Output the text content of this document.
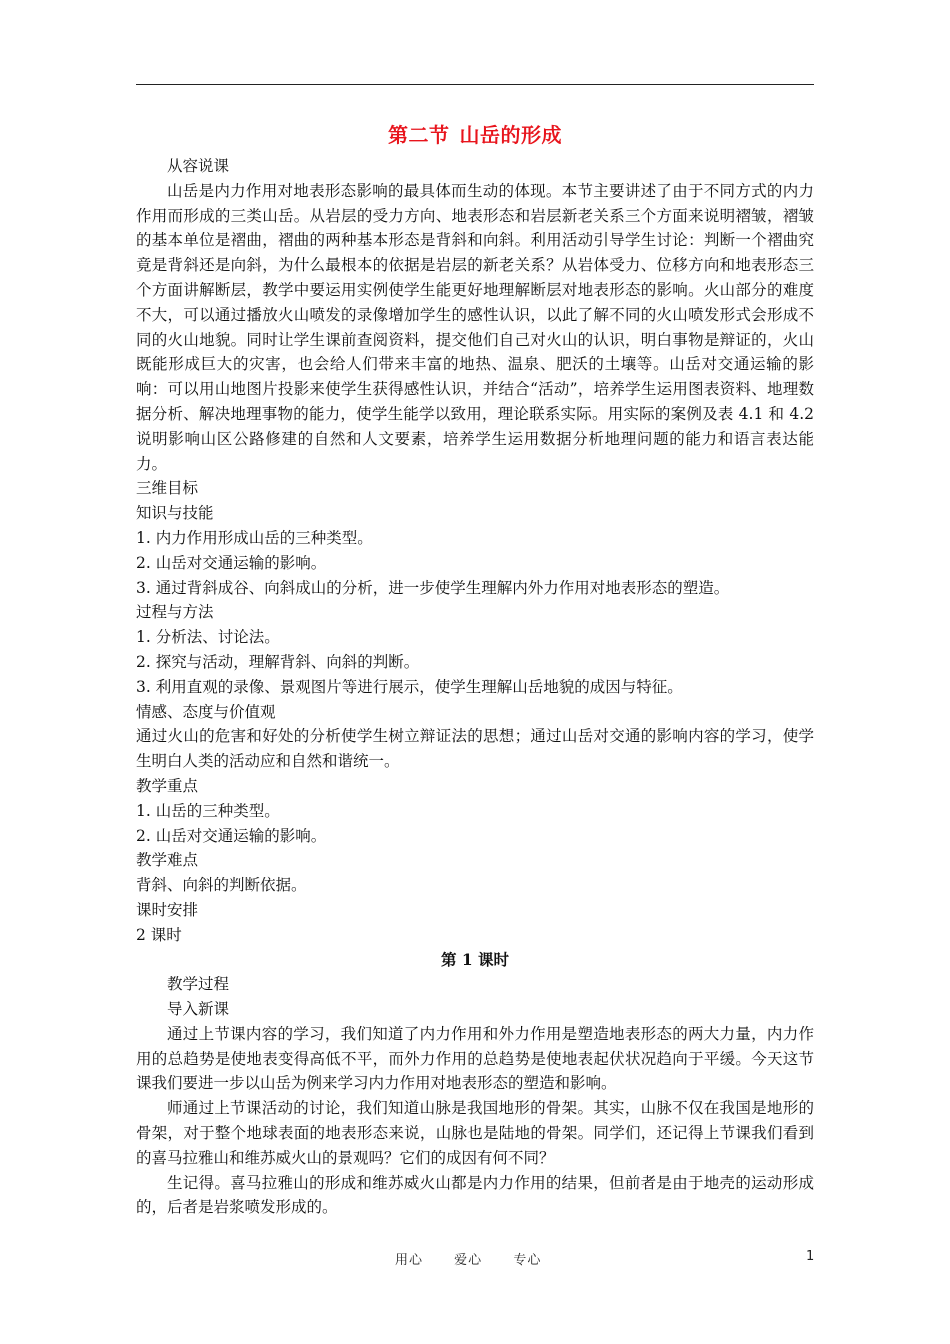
第二节 山岳的形成

从容说课

山岳是内力作用对地表形态影响的最具体而生动的体现。本节主要讲述了由于不同方式的内力作用而形成的三类山岳。从岩层的受力方向、地表形态和岩层新老关系三个方面来说明褶皱，褶皱的基本单位是褶曲，褶曲的两种基本形态是背斜和向斜。利用活动引导学生讨论：判断一个褶曲究竟是背斜还是向斜，为什么最根本的依据是岩层的新老关系？从岩体受力、位移方向和地表形态三个方面讲解断层，教学中要运用实例使学生能更好地理解断层对地表形态的影响。火山部分的难度不大，可以通过播放火山喷发的录像增加学生的感性认识，以此了解不同的火山喷发形式会形成不同的火山地貌。同时让学生课前查阅资料，提交他们自己对火山的认识，明白事物是辩证的，火山既能形成巨大的灾害，也会给人们带来丰富的地热、温泉、肥沃的土壤等。山岳对交通运输的影响：可以用山地图片投影来使学生获得感性认识，并结合“活动”，培养学生运用图表资料、地理数据分析、解决地理事物的能力，使学生能学以致用，理论联系实际。用实际的案例及表 4.1 和 4.2 说明影响山区公路修建的自然和人文要素，培养学生运用数据分析地理问题的能力和语言表达能力。

三维目标

知识与技能

1. 内力作用形成山岳的三种类型。

2. 山岳对交通运输的影响。

3. 通过背斜成谷、向斜成山的分析，进一步使学生理解内外力作用对地表形态的塑造。

过程与方法

1. 分析法、讨论法。

2. 探究与活动，理解背斜、向斜的判断。

3. 利用直观的录像、景观图片等进行展示，使学生理解山岳地貌的成因与特征。

情感、态度与价值观

通过火山的危害和好处的分析使学生树立辩证法的思想；通过山岳对交通的影响内容的学习，使学生明白人类的活动应和自然和谐统一。

教学重点

1. 山岳的三种类型。

2. 山岳对交通运输的影响。

教学难点

背斜、向斜的判断依据。

课时安排

2 课时

第 1 课时

教学过程

导入新课

通过上节课内容的学习，我们知道了内力作用和外力作用是塑造地表形态的两大力量，内力作用的总趋势是使地表变得高低不平，而外力作用的总趋势是使地表起伏状况趋向于平缓。今天这节课我们要进一步以山岳为例来学习内力作用对地表形态的塑造和影响。

师通过上节课活动的讨论，我们知道山脉是我国地形的骨架。其实，山脉不仅在我国是地形的骨架，对于整个地球表面的地表形态来说，山脉也是陆地的骨架。同学们，还记得上节课我们看到的喜马拉雅山和维苏威火山的景观吗？它们的成因有何不同？

生记得。喜马拉雅山的形成和维苏威火山都是内力作用的结果，但前者是由于地壳的运动形成的，后者是岩浆喷发形成的。

用心 爱心 专心	1
